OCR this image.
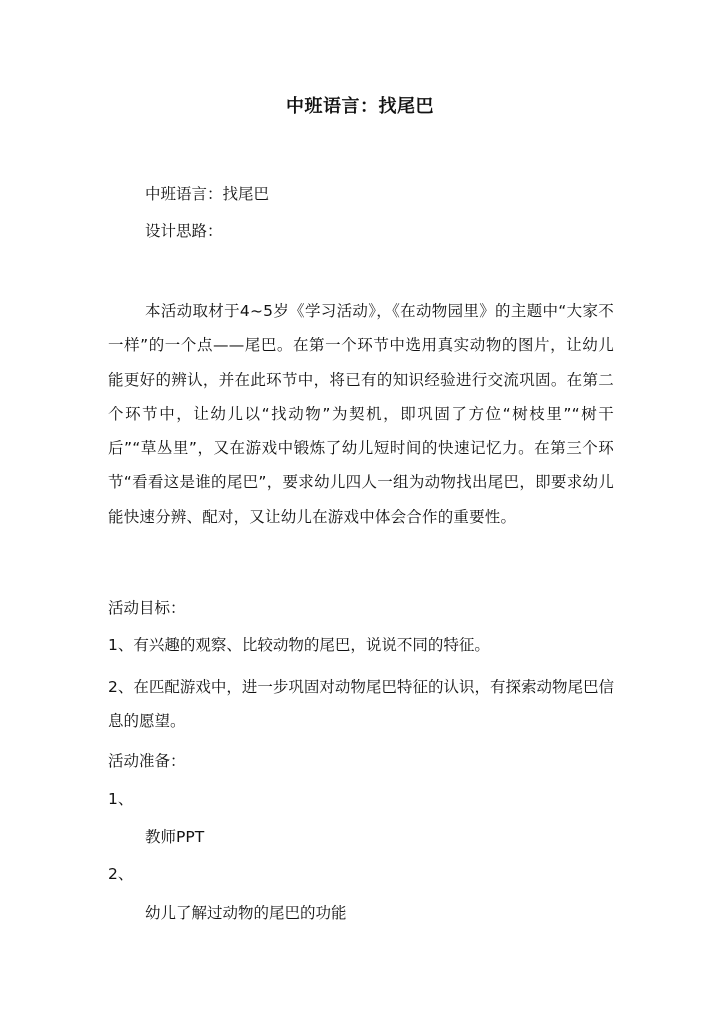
中班语言：找尾巴
中班语言：找尾巴
设计思路：
本活动取材于4~5岁《学习活动》，《在动物园里》的主题中“大家不一样”的一个点——尾巴。在第一个环节中选用真实动物的图片，让幼儿能更好的辨认，并在此环节中，将已有的知识经验进行交流巩固。在第二个环节中，让幼儿以“找动物”为契机，即巩固了方位“树枝里”“树干后”“草丛里”，又在游戏中锻炼了幼儿短时间的快速记忆力。在第三个环节“看看这是谁的尾巴”，要求幼儿四人一组为动物找出尾巴，即要求幼儿能快速分辨、配对，又让幼儿在游戏中体会合作的重要性。
活动目标：
1、有兴趣的观察、比较动物的尾巴，说说不同的特征。
2、在匹配游戏中，进一步巩固对动物尾巴特征的认识，有探索动物尾巴信息的愿望。
活动准备：
1、
教师PPT
2、
幼儿了解过动物的尾巴的功能
